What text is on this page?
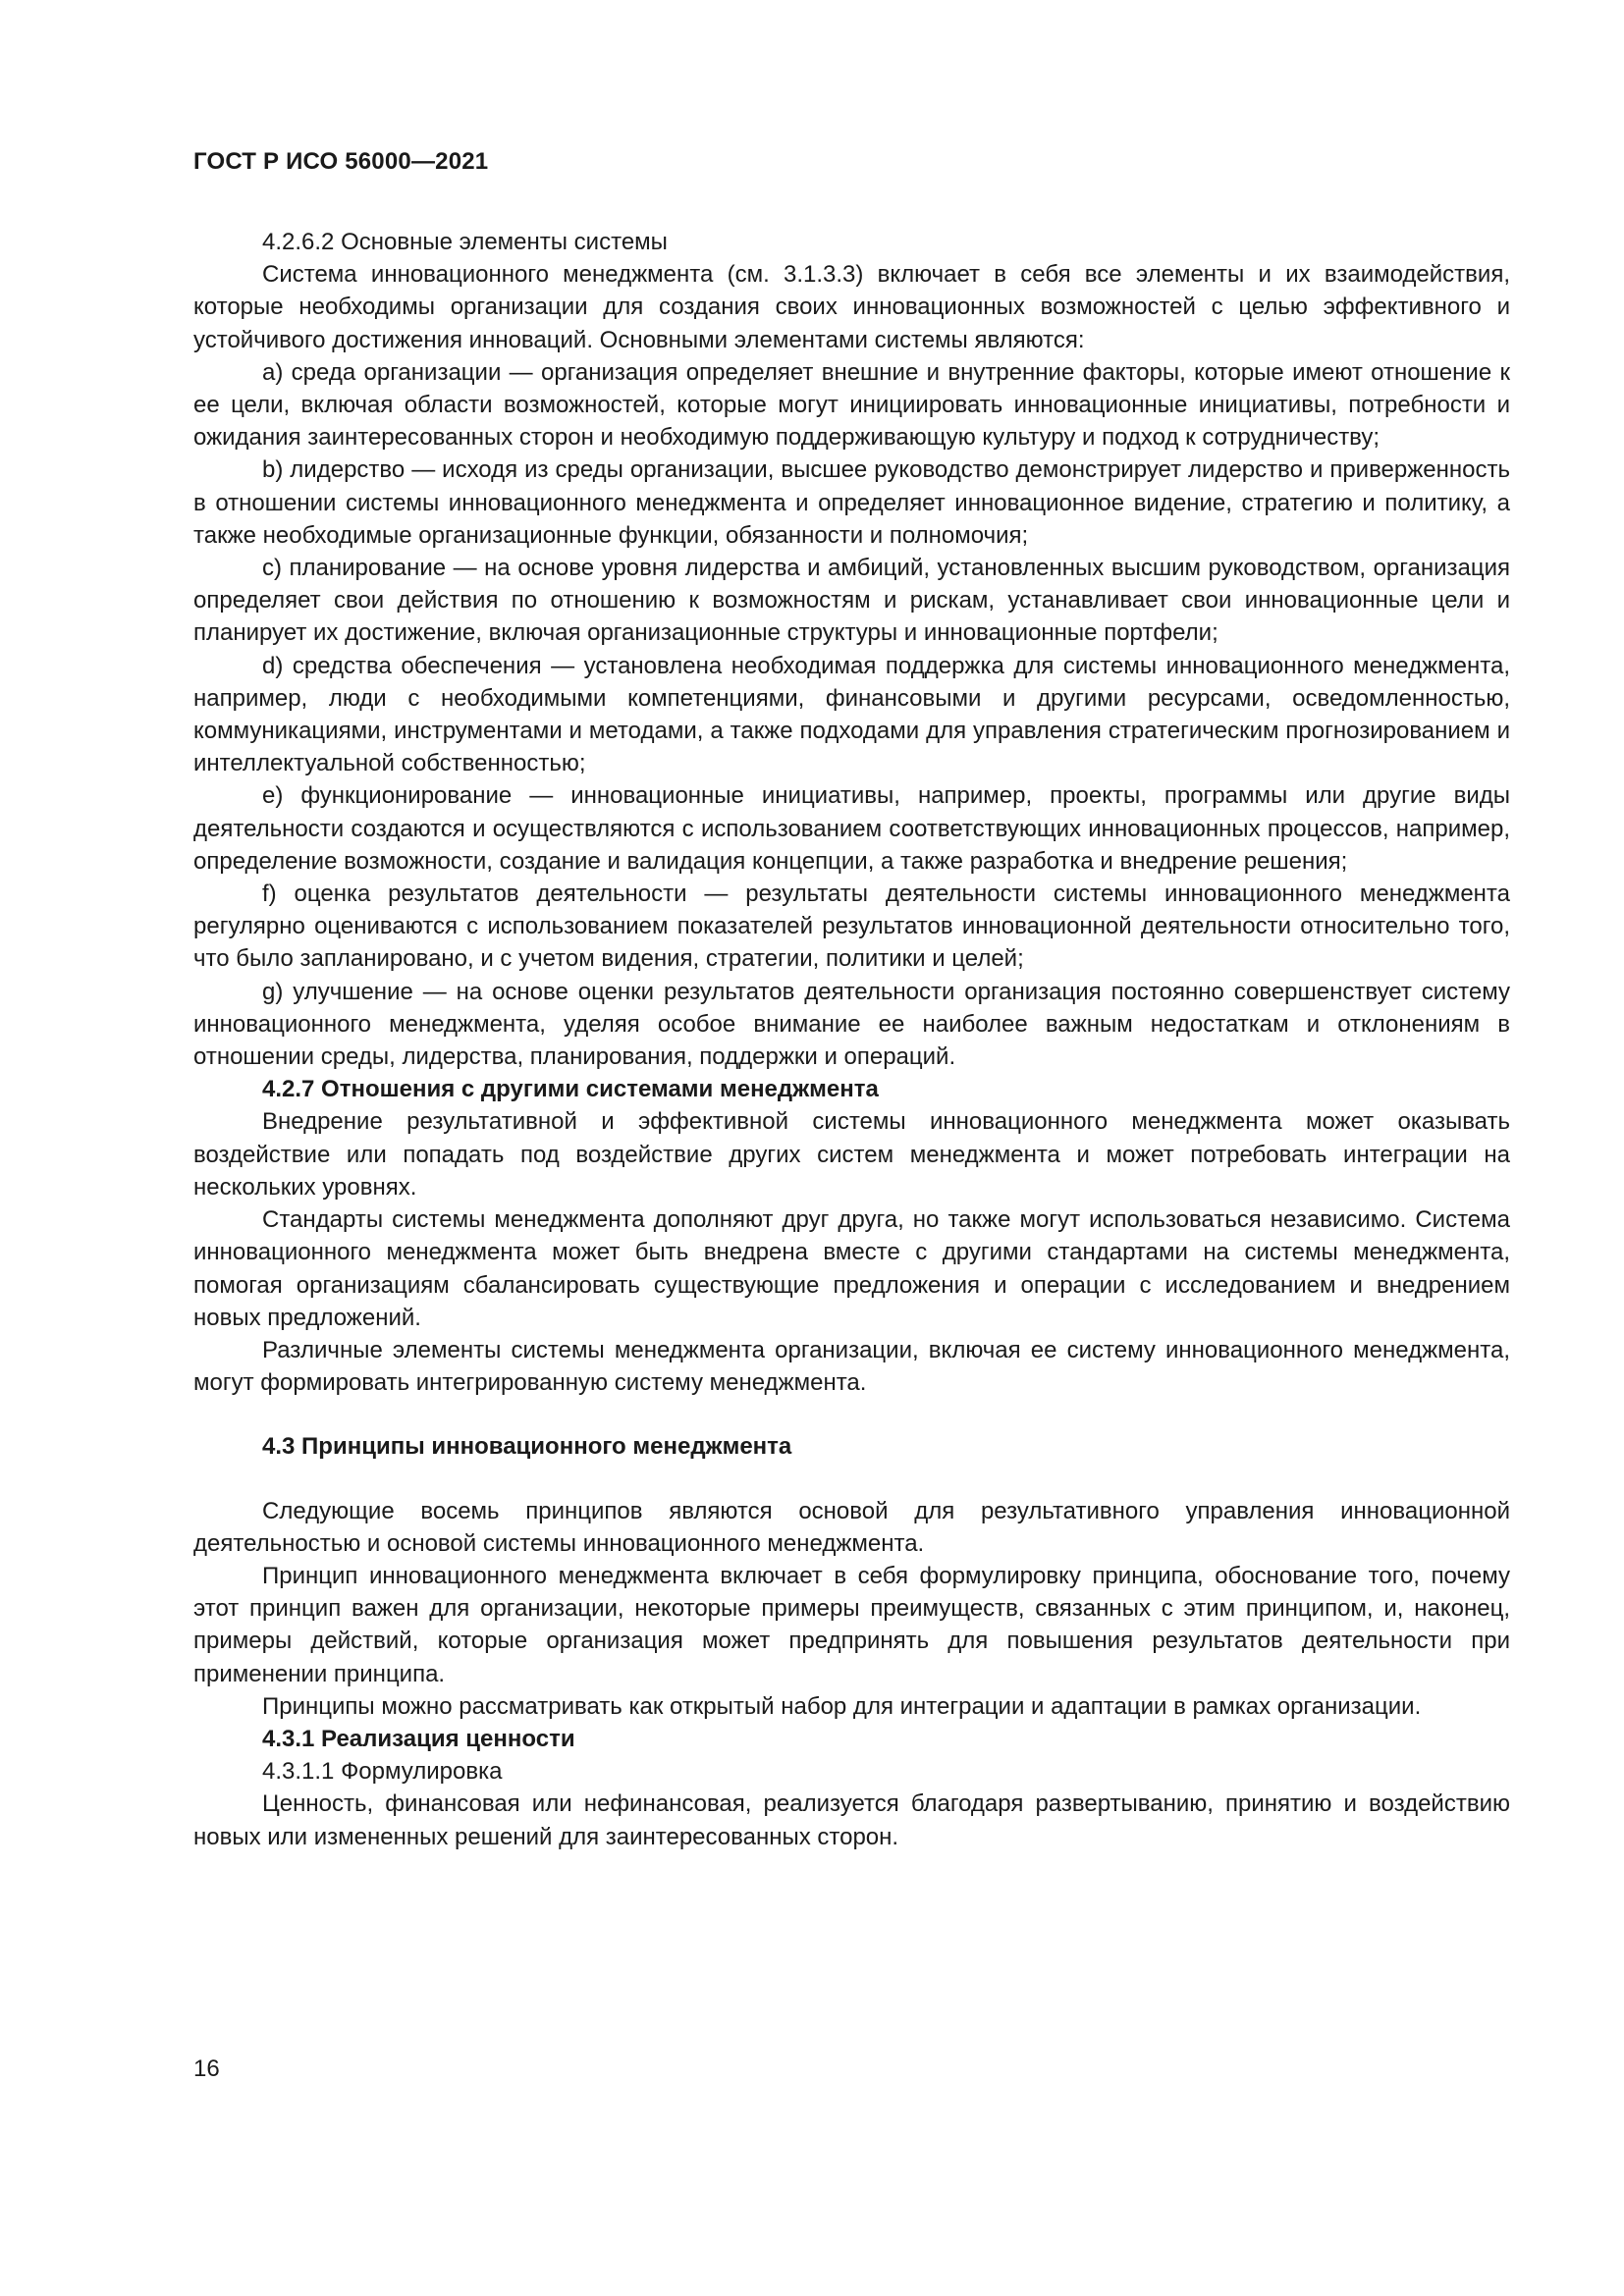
ГОСТ Р ИСО 56000—2021

4.2.6.2 Основные элементы системы

Система инновационного менеджмента (см. 3.1.3.3) включает в себя все элементы и их взаимодействия, которые необходимы организации для создания своих инновационных возможностей с целью эффективного и устойчивого достижения инноваций. Основными элементами системы являются:

a) среда организации — организация определяет внешние и внутренние факторы, которые имеют отношение к ее цели, включая области возможностей, которые могут инициировать инновационные инициативы, потребности и ожидания заинтересованных сторон и необходимую поддерживающую культуру и подход к сотрудничеству;

b) лидерство — исходя из среды организации, высшее руководство демонстрирует лидерство и приверженность в отношении системы инновационного менеджмента и определяет инновационное видение, стратегию и политику, а также необходимые организационные функции, обязанности и полномочия;

c) планирование — на основе уровня лидерства и амбиций, установленных высшим руководством, организация определяет свои действия по отношению к возможностям и рискам, устанавливает свои инновационные цели и планирует их достижение, включая организационные структуры и инновационные портфели;

d) средства обеспечения — установлена необходимая поддержка для системы инновационного менеджмента, например, люди с необходимыми компетенциями, финансовыми и другими ресурсами, осведомленностью, коммуникациями, инструментами и методами, а также подходами для управления стратегическим прогнозированием и интеллектуальной собственностью;

e) функционирование — инновационные инициативы, например, проекты, программы или другие виды деятельности создаются и осуществляются с использованием соответствующих инновационных процессов, например, определение возможности, создание и валидация концепции, а также разработка и внедрение решения;

f) оценка результатов деятельности — результаты деятельности системы инновационного менеджмента регулярно оцениваются с использованием показателей результатов инновационной деятельности относительно того, что было запланировано, и с учетом видения, стратегии, политики и целей;

g) улучшение — на основе оценки результатов деятельности организация постоянно совершенствует систему инновационного менеджмента, уделяя особое внимание ее наиболее важным недостаткам и отклонениям в отношении среды, лидерства, планирования, поддержки и операций.

4.2.7 Отношения с другими системами менеджмента

Внедрение результативной и эффективной системы инновационного менеджмента может оказывать воздействие или попадать под воздействие других систем менеджмента и может потребовать интеграции на нескольких уровнях.

Стандарты системы менеджмента дополняют друг друга, но также могут использоваться независимо. Система инновационного менеджмента может быть внедрена вместе с другими стандартами на системы менеджмента, помогая организациям сбалансировать существующие предложения и операции с исследованием и внедрением новых предложений.

Различные элементы системы менеджмента организации, включая ее систему инновационного менеджмента, могут формировать интегрированную систему менеджмента.

4.3 Принципы инновационного менеджмента

Следующие восемь принципов являются основой для результативного управления инновационной деятельностью и основой системы инновационного менеджмента.

Принцип инновационного менеджмента включает в себя формулировку принципа, обоснование того, почему этот принцип важен для организации, некоторые примеры преимуществ, связанных с этим принципом, и, наконец, примеры действий, которые организация может предпринять для повышения результатов деятельности при применении принципа.

Принципы можно рассматривать как открытый набор для интеграции и адаптации в рамках организации.

4.3.1 Реализация ценности

4.3.1.1 Формулировка

Ценность, финансовая или нефинансовая, реализуется благодаря развертыванию, принятию и воздействию новых или измененных решений для заинтересованных сторон.

16
